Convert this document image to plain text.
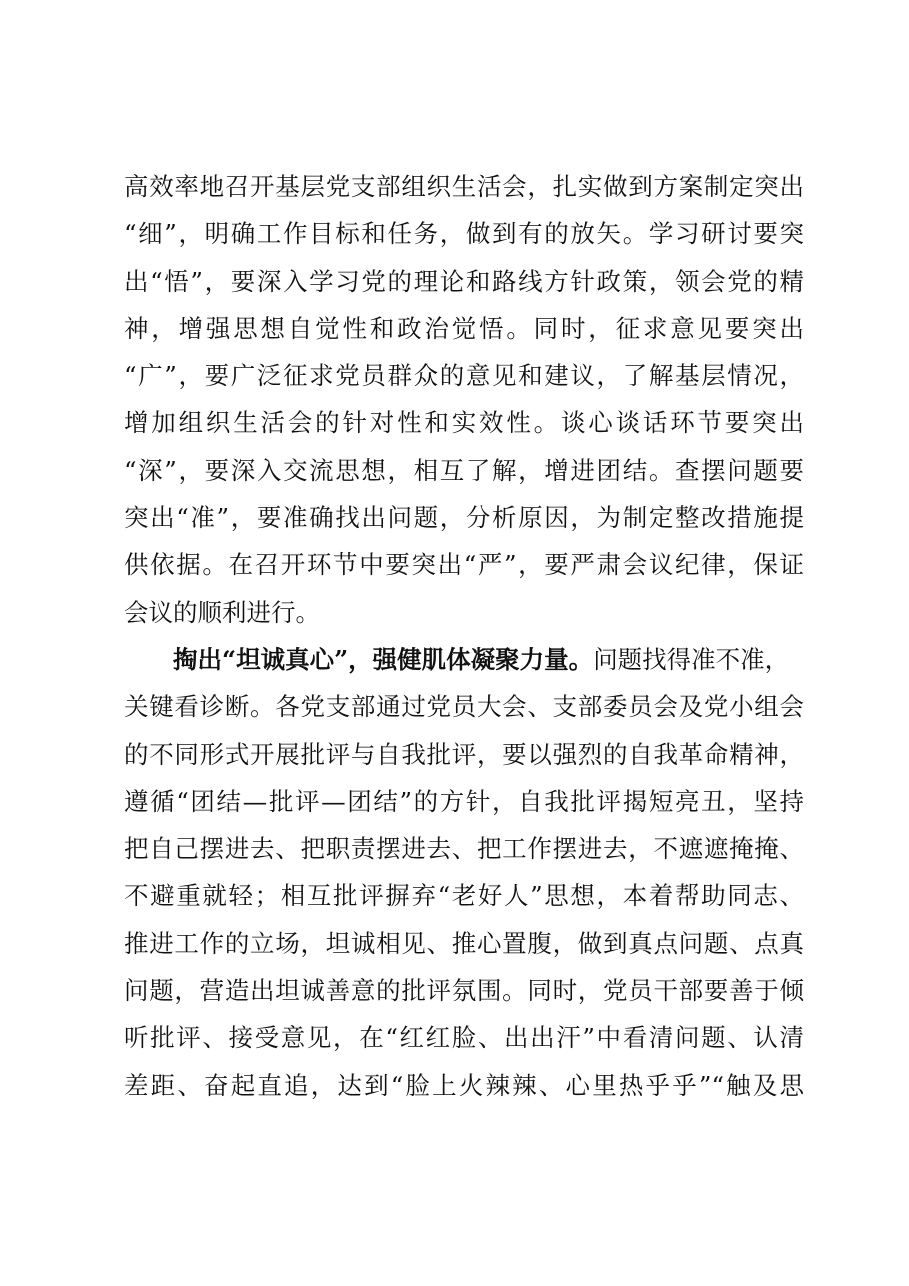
高效率地召开基层党支部组织生活会，扎实做到方案制定突出
“细”，明确工作目标和任务，做到有的放矢。学习研讨要突
出“悟”，要深入学习党的理论和路线方针政策，领会党的精
神，增强思想自觉性和政治觉悟。同时，征求意见要突出
“广”，要广泛征求党员群众的意见和建议，了解基层情况，
增加组织生活会的针对性和实效性。谈心谈话环节要突出
“深”，要深入交流思想，相互了解，增进团结。查摆问题要
突出“准”，要准确找出问题，分析原因，为制定整改措施提
供依据。在召开环节中要突出“严”，要严肃会议纪律，保证
会议的顺利进行。
掏出“坦诚真心”，强健肌体凝聚力量。问题找得准不准，
关键看诊断。各党支部通过党员大会、支部委员会及党小组会
的不同形式开展批评与自我批评，要以强烈的自我革命精神，
遵循“团结—批评—团结”的方针，自我批评揭短亮丑，坚持
把自己摆进去、把职责摆进去、把工作摆进去，不遮遮掩掩、
不避重就轻；相互批评摒弃“老好人”思想，本着帮助同志、
推进工作的立场，坦诚相见、推心置腹，做到真点问题、点真
问题，营造出坦诚善意的批评氛围。同时，党员干部要善于倾
听批评、接受意见，在“红红脸、出出汗”中看清问题、认清
差距、奋起直追，达到“脸上火辣辣、心里热乎乎”“触及思
